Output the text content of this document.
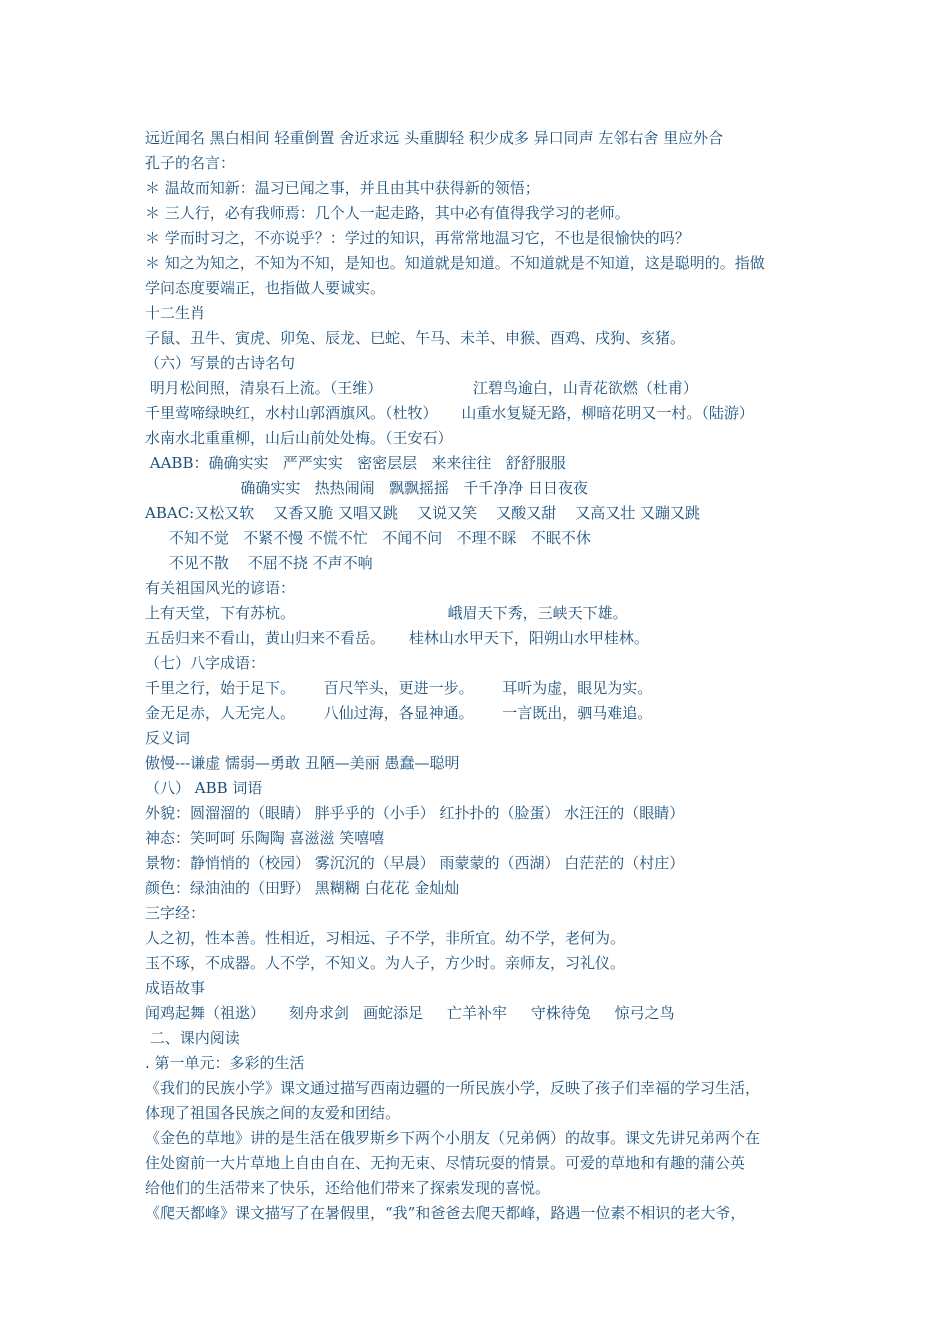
远近闻名 黑白相间 轻重倒置 舍近求远 头重脚轻 积少成多 异口同声 左邻右舍 里应外合

孔子的名言：

＊ 温故而知新：温习已闻之事，并且由其中获得新的领悟；

＊ 三人行，必有我师焉：几个人一起走路，其中必有值得我学习的老师。

＊ 学而时习之，不亦说乎？：学过的知识，再常常地温习它，不也是很愉快的吗？

＊ 知之为知之，不知为不知，是知也。知道就是知道。不知道就是不知道，这是聪明的。指做

学问态度要端正，也指做人要诚实。

十二生肖

子鼠、丑牛、寅虎、卯兔、辰龙、巳蛇、午马、未羊、申猴、酉鸡、戌狗、亥猪。

（六）写景的古诗名句

明月松间照，清泉石上流。（王维）                   江碧鸟逾白，山青花欲燃（杜甫）

千里莺啼绿映红，水村山郭酒旗风。（杜牧）     山重水复疑无路，柳暗花明又一村。（陆游）

水南水北重重柳，山后山前处处梅。（王安石）

AABB：确确实实   严严实实   密密层层   来来往往   舒舒服服

确确实实   热热闹闹   飘飘摇摇   千千净净 日日夜夜

ABAC:又松又软    又香又脆 又唱又跳    又说又笑    又酸又甜    又高又壮 又蹦又跳

不知不觉   不紧不慢 不慌不忙   不闻不问   不理不睬   不眠不休

不见不散    不屈不挠 不声不响

有关祖国风光的谚语：

上有天堂，下有苏杭。                                峨眉天下秀，三峡天下雄。

五岳归来不看山，黄山归来不看岳。     桂林山水甲天下，阳朔山水甲桂林。

（七）八字成语：

千里之行，始于足下。      百尺竿头，更进一步。      耳听为虚，眼见为实。

金无足赤，人无完人。      八仙过海，各显神通。      一言既出，驷马难追。

反义词

傲慢---谦虚 懦弱—勇敢 丑陋—美丽 愚蠢—聪明

（八） ABB 词语

外貌：圆溜溜的（眼睛） 胖乎乎的（小手） 红扑扑的（脸蛋） 水汪汪的（眼睛）

神态：笑呵呵 乐陶陶 喜滋滋 笑嘻嘻

景物：静悄悄的（校园） 雾沉沉的（早晨） 雨蒙蒙的（西湖） 白茫茫的（村庄）

颜色：绿油油的（田野） 黑糊糊 白花花 金灿灿

三字经：

人之初，性本善。性相近，习相远、子不学，非所宜。幼不学，老何为。

玉不琢，不成器。人不学，不知义。为人子，方少时。亲师友，习礼仪。

成语故事

闻鸡起舞（祖逖）     刻舟求剑   画蛇添足     亡羊补牢     守株待兔     惊弓之鸟

二、课内阅读

. 第一单元：多彩的生活

《我们的民族小学》课文通过描写西南边疆的一所民族小学，反映了孩子们幸福的学习生活，

体现了祖国各民族之间的友爱和团结。

《金色的草地》讲的是生活在俄罗斯乡下两个小朋友（兄弟俩）的故事。课文先讲兄弟两个在

住处窗前一大片草地上自由自在、无拘无束、尽情玩耍的情景。可爱的草地和有趣的蒲公英

给他们的生活带来了快乐，还给他们带来了探索发现的喜悦。

《爬天都峰》课文描写了在暑假里，“我”和爸爸去爬天都峰，路遇一位素不相识的老大爷，
